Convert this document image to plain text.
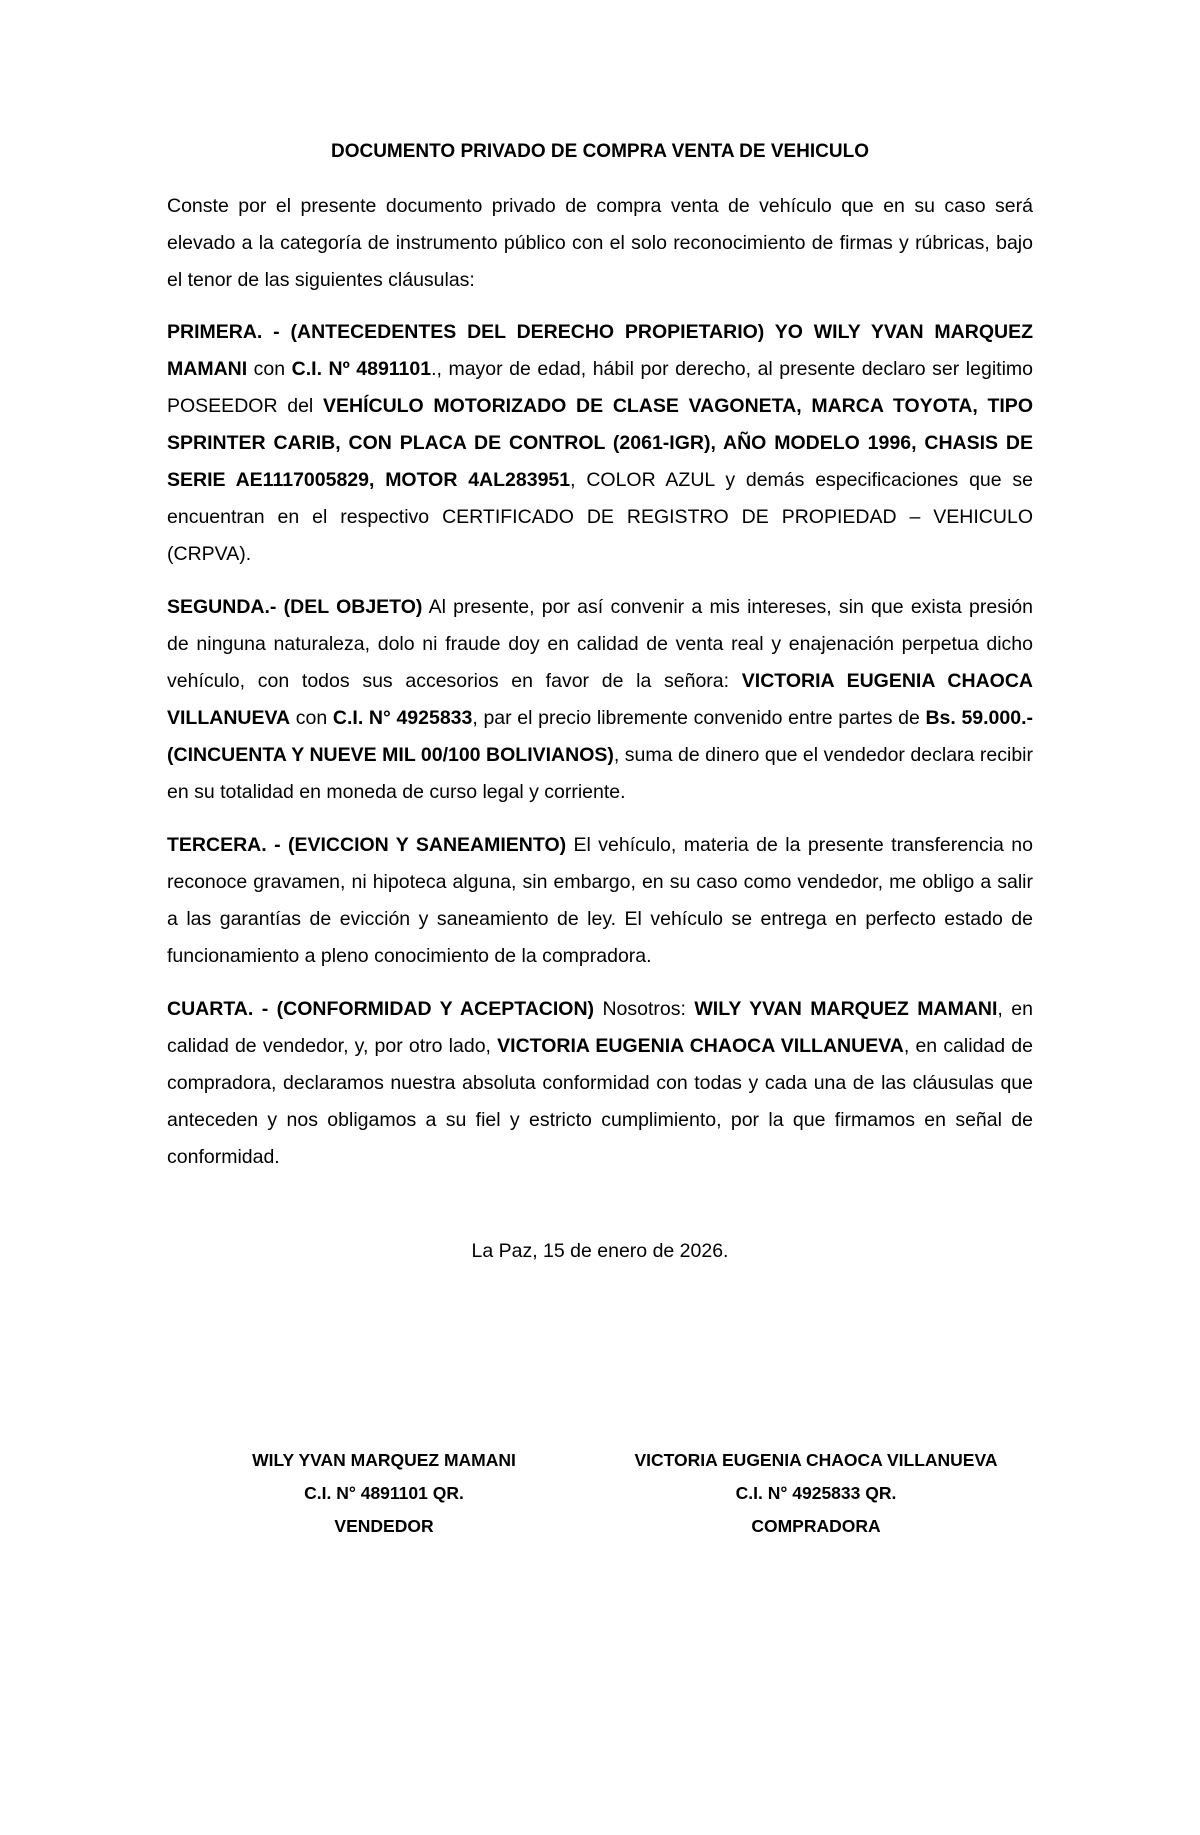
DOCUMENTO PRIVADO DE COMPRA VENTA DE VEHICULO

Conste por el presente documento privado de compra venta de vehículo que en su caso será elevado a la categoría de instrumento público con el solo reconocimiento de firmas y rúbricas, bajo el tenor de las siguientes cláusulas:

PRIMERA. - (ANTECEDENTES DEL DERECHO PROPIETARIO) YO WILY YVAN MARQUEZ MAMANI con C.I. Nº 4891101., mayor de edad, hábil por derecho, al presente declaro ser legitimo POSEEDOR del VEHÍCULO MOTORIZADO DE CLASE VAGONETA, MARCA TOYOTA, TIPO SPRINTER CARIB, CON PLACA DE CONTROL (2061-IGR), AÑO MODELO 1996, CHASIS DE SERIE AE1117005829, MOTOR 4AL283951, COLOR AZUL y demás especificaciones que se encuentran en el respectivo CERTIFICADO DE REGISTRO DE PROPIEDAD – VEHICULO (CRPVA).

SEGUNDA.- (DEL OBJETO) Al presente, por así convenir a mis intereses, sin que exista presión de ninguna naturaleza, dolo ni fraude doy en calidad de venta real y enajenación perpetua dicho vehículo, con todos sus accesorios en favor de la señora: VICTORIA EUGENIA CHAOCA VILLANUEVA con C.I. N° 4925833, par el precio libremente convenido entre partes de Bs. 59.000.- (CINCUENTA Y NUEVE MIL 00/100 BOLIVIANOS), suma de dinero que el vendedor declara recibir en su totalidad en moneda de curso legal y corriente.

TERCERA. - (EVICCION Y SANEAMIENTO) El vehículo, materia de la presente transferencia no reconoce gravamen, ni hipoteca alguna, sin embargo, en su caso como vendedor, me obligo a salir a las garantías de evicción y saneamiento de ley. El vehículo se entrega en perfecto estado de funcionamiento a pleno conocimiento de la compradora.

CUARTA. - (CONFORMIDAD Y ACEPTACION) Nosotros: WILY YVAN MARQUEZ MAMANI, en calidad de vendedor, y, por otro lado, VICTORIA EUGENIA CHAOCA VILLANUEVA, en calidad de compradora, declaramos nuestra absoluta conformidad con todas y cada una de las cláusulas que anteceden y nos obligamos a su fiel y estricto cumplimiento, por la que firmamos en señal de conformidad.

La Paz, 15 de enero de 2026.
WILY YVAN MARQUEZ MAMANI
C.I. N° 4891101 QR.
VENDEDOR
VICTORIA EUGENIA CHAOCA VILLANUEVA
C.I. N° 4925833 QR.
COMPRADORA
